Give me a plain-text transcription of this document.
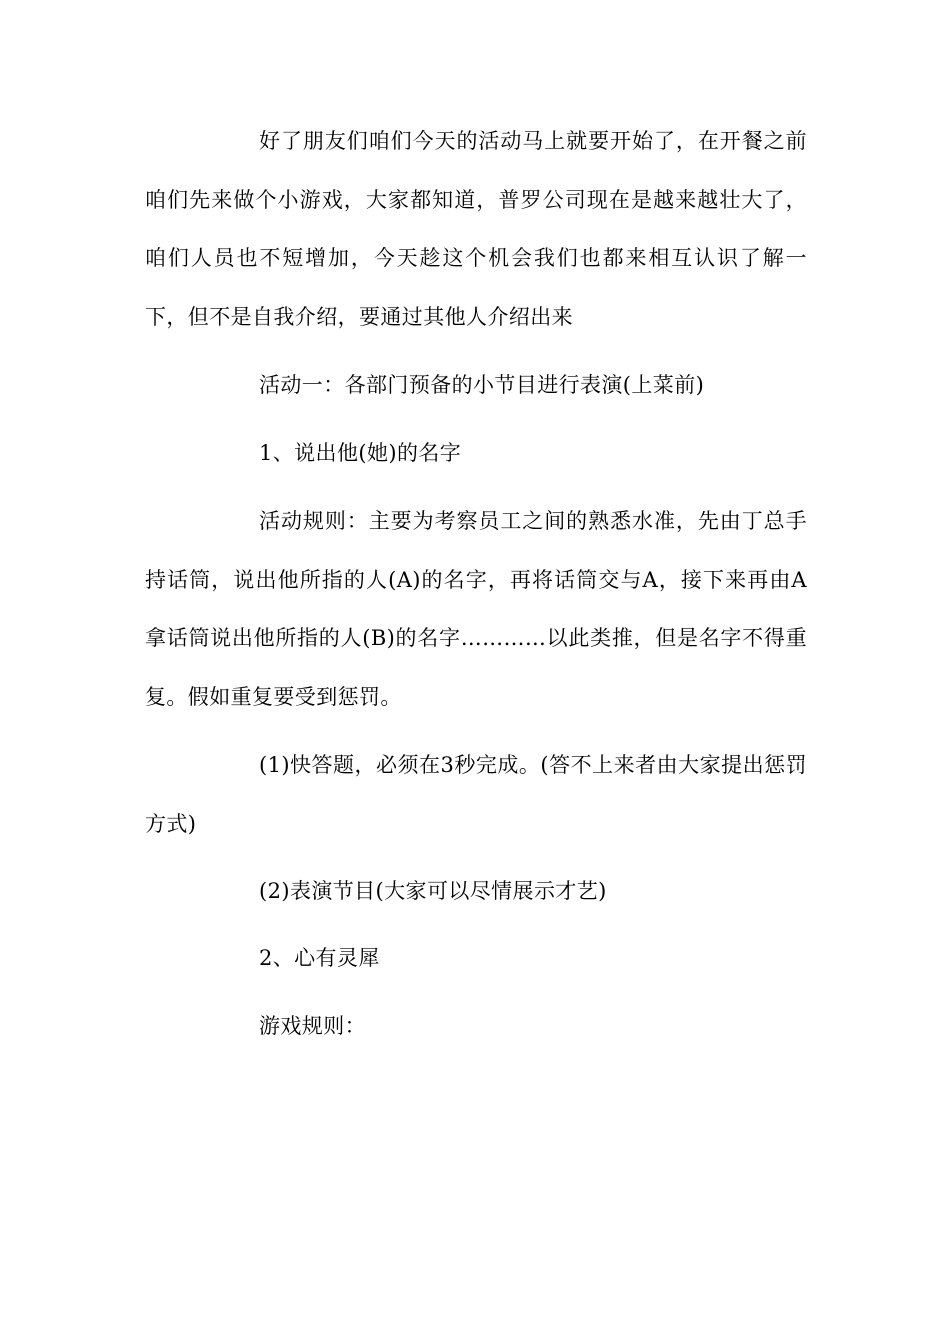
好了朋友们咱们今天的活动马上就要开始了，在开餐之前咱们先来做个小游戏，大家都知道，普罗公司现在是越来越壮大了，咱们人员也不短增加，今天趁这个机会我们也都来相互认识了解一下，但不是自我介绍，要通过其他人介绍出来

活动一：各部门预备的小节目进行表演(上菜前)

1、说出他(她)的名字

活动规则：主要为考察员工之间的熟悉水准，先由丁总手持话筒，说出他所指的人(A)的名字，再将话筒交与A，接下来再由A拿话筒说出他所指的人(B)的名字…………以此类推，但是名字不得重复。假如重复要受到惩罚。

(1)快答题，必须在3秒完成。(答不上来者由大家提出惩罚方式)

(2)表演节目(大家可以尽情展示才艺)

2、心有灵犀

游戏规则：
